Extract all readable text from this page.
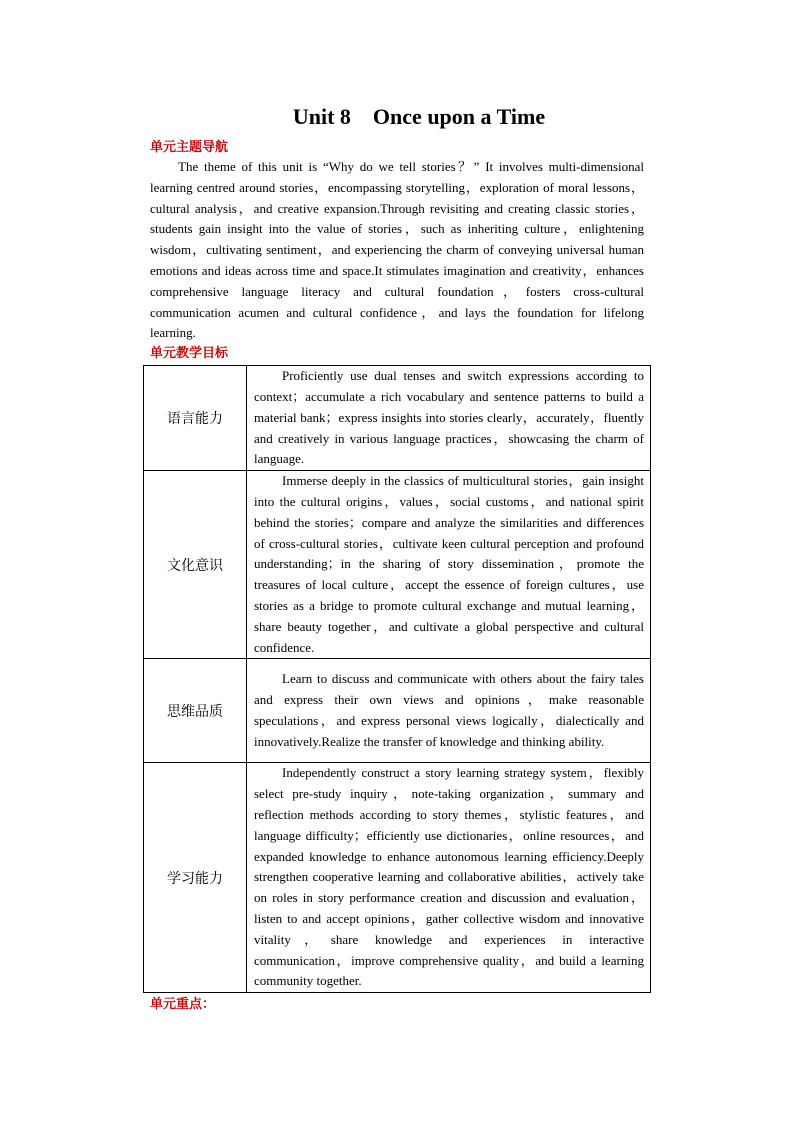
Unit 8    Once upon a Time
单元主题导航

The theme of this unit is “Why do we tell stories？” It involves multi-dimensional learning centred around stories，encompassing storytelling，exploration of moral lessons，cultural analysis，and creative expansion.Through revisiting and creating classic stories，students gain insight into the value of stories，such as inheriting culture，enlightening wisdom，cultivating sentiment，and experiencing the charm of conveying universal human emotions and ideas across time and space.It stimulates imagination and creativity，enhances comprehensive language literacy and cultural foundation，fosters cross-cultural communication acumen and cultural confidence，and lays the foundation for lifelong learning.

单元教学目标
语言能力	Proficiently use dual tenses and switch expressions according to context；accumulate a rich vocabulary and sentence patterns to build a material bank；express insights into stories clearly，accurately，fluently and creatively in various language practices，showcasing the charm of language.
文化意识	Immerse deeply in the classics of multicultural stories，gain insight into the cultural origins，values，social customs，and national spirit behind the stories；compare and analyze the similarities and differences of cross-cultural stories，cultivate keen cultural perception and profound understanding；in the sharing of story dissemination，promote the treasures of local culture，accept the essence of foreign cultures，use stories as a bridge to promote cultural exchange and mutual learning，share beauty together，and cultivate a global perspective and cultural confidence.
思维品质	Learn to discuss and communicate with others about the fairy tales and express their own views and opinions，make reasonable speculations，and express personal views logically，dialectically and innovatively.Realize the transfer of knowledge and thinking ability.
学习能力	Independently construct a story learning strategy system，flexibly select pre-study inquiry，note-taking organization，summary and reflection methods according to story themes，stylistic features，and language difficulty；efficiently use dictionaries，online resources，and expanded knowledge to enhance autonomous learning efficiency.Deeply strengthen cooperative learning and collaborative abilities，actively take on roles in story performance creation and discussion and evaluation，listen to and accept opinions，gather collective wisdom and innovative vitality，share knowledge and experiences in interactive communication，improve comprehensive quality，and build a learning community together.
单元重点：
